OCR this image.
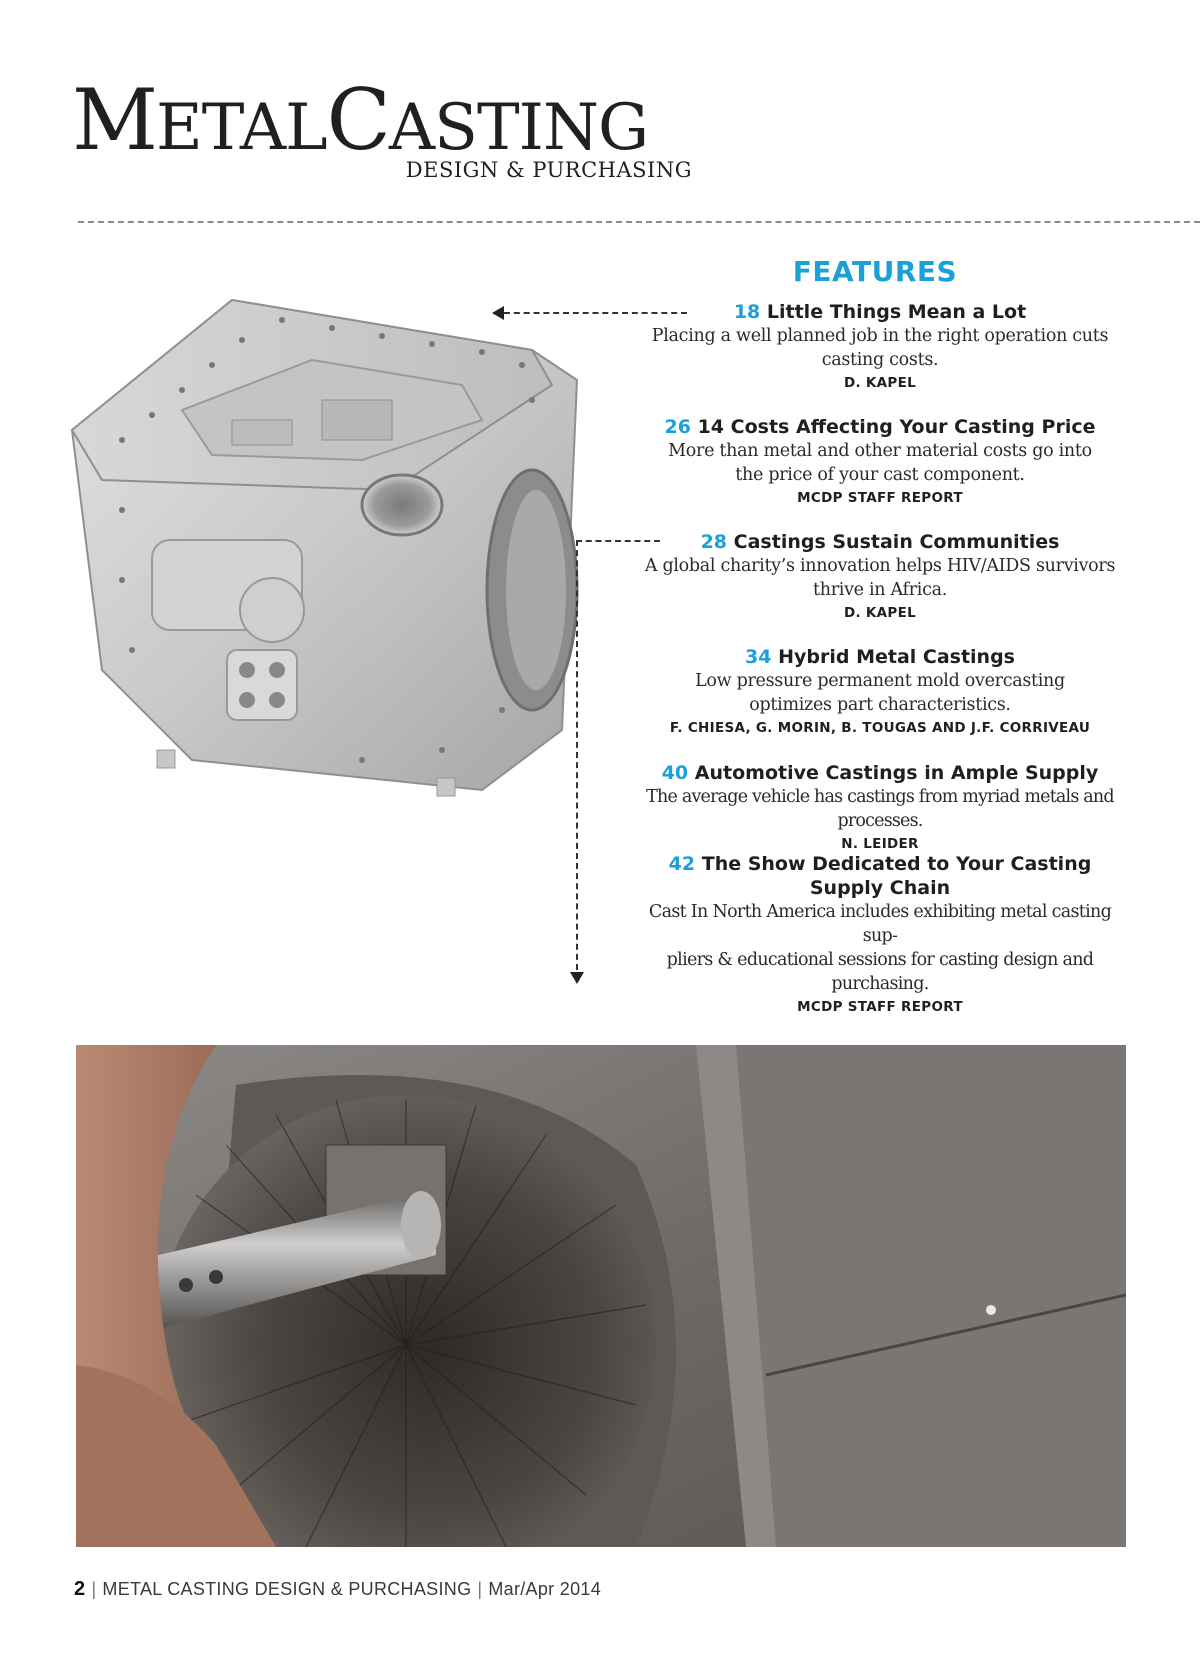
METALCASTING
DESIGN & PURCHASING
FEATURES
18 Little Things Mean a Lot
Placing a well planned job in the right operation cuts
casting costs.
D. KAPEL
26 14 Costs Affecting Your Casting Price
More than metal and other material costs go into
the price of your cast component.
MCDP STAFF REPORT
28 Castings Sustain Communities
A global charity’s innovation helps HIV/AIDS survivors
thrive in Africa.
D. KAPEL
34 Hybrid Metal Castings
Low pressure permanent mold overcasting
optimizes part characteristics.
F. CHIESA, G. MORIN, B. TOUGAS AND J.F. CORRIVEAU
40 Automotive Castings in Ample Supply
The average vehicle has castings from myriad metals and processes.
N. LEIDER
42 The Show Dedicated to Your Casting
Supply Chain
Cast In North America includes exhibiting metal casting sup-
pliers & educational sessions for casting design and purchasing.
MCDP STAFF REPORT
2 | METAL CASTING DESIGN & PURCHASING | Mar/Apr 2014
